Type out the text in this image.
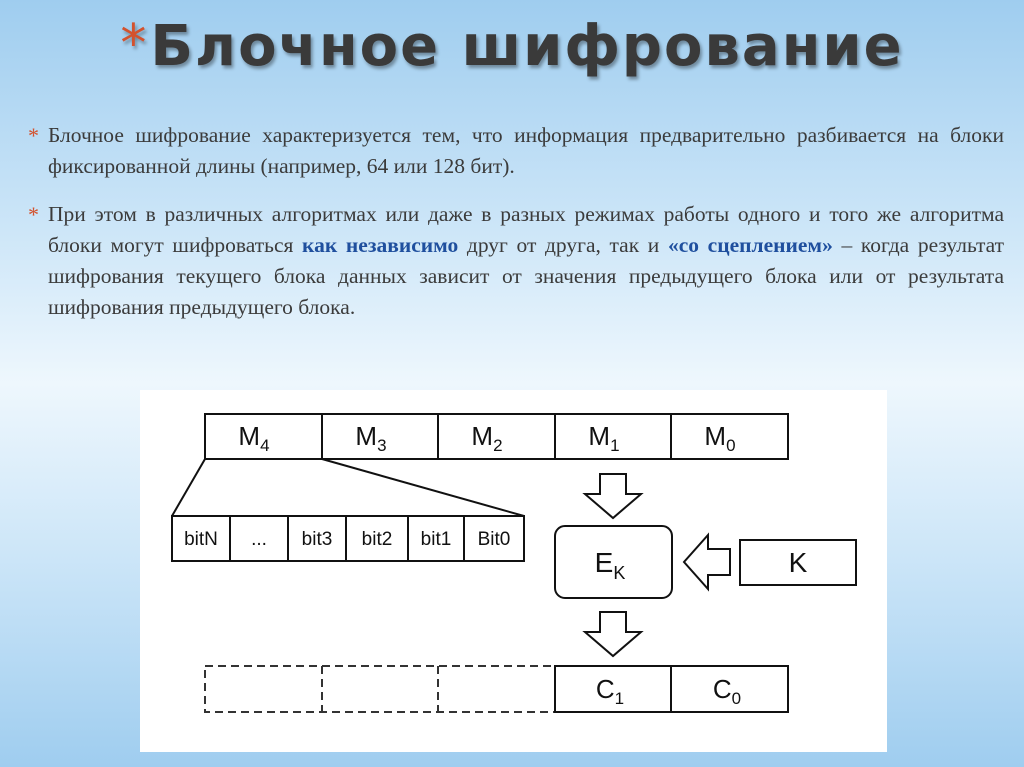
*Блочное шифрование
* Блочное шифрование характеризуется тем, что информация предварительно разбивается на блоки фиксированной длины (например, 64 или 128 бит).
* При этом в различных алгоритмах или даже в разных режимах работы одного и того же алгоритма блоки могут шифроваться как независимо друг от друга, так и «со сцеплением» – когда результат шифрования текущего блока данных зависит от значения предыдущего блока или от результата шифрования предыдущего блока.
$M_4$	$M_3$	$M_2$	$M_1$	$M_0$
bitN ... bit3 bit2 bit1 Bit0
$E_K$	K
$C_1$	$C_0$
